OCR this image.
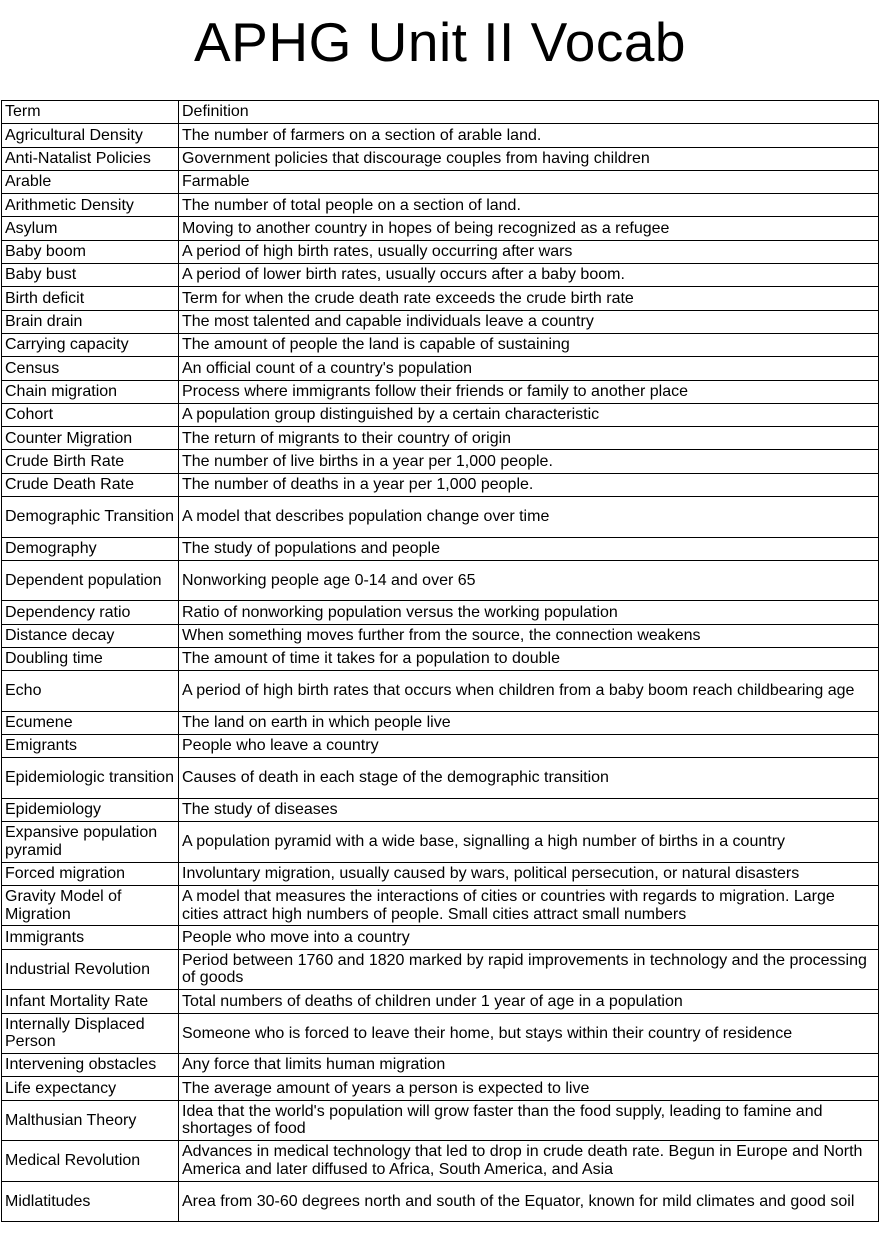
APHG Unit II Vocab
Term	Definition
Agricultural Density	The number of farmers on a section of arable land.
Anti-Natalist Policies	Government policies that discourage couples from having children
Arable	Farmable
Arithmetic Density	The number of total people on a section of land.
Asylum	Moving to another country in hopes of being recognized as a refugee
Baby boom	A period of high birth rates, usually occurring after wars
Baby bust	A period of lower birth rates, usually occurs after a baby boom.
Birth deficit	Term for when the crude death rate exceeds the crude birth rate
Brain drain	The most talented and capable individuals leave a country
Carrying capacity	The amount of people the land is capable of sustaining
Census	An official count of a country's population
Chain migration	Process where immigrants follow their friends or family to another place
Cohort	A population group distinguished by a certain characteristic
Counter Migration	The return of migrants to their country of origin
Crude Birth Rate	The number of live births in a year per 1,000 people.
Crude Death Rate	The number of deaths in a year per 1,000 people.
Demographic Transition	A model that describes population change over time
Demography	The study of populations and people
Dependent population	Nonworking people age 0-14 and over 65
Dependency ratio	Ratio of nonworking population versus the working population
Distance decay	When something moves further from the source, the connection weakens
Doubling time	The amount of time it takes for a population to double
Echo	A period of high birth rates that occurs when children from a baby boom reach childbearing age
Ecumene	The land on earth in which people live
Emigrants	People who leave a country
Epidemiologic transition	Causes of death in each stage of the demographic transition
Epidemiology	The study of diseases
Expansive population pyramid	A population pyramid with a wide base, signalling a high number of births in a country
Forced migration	Involuntary migration, usually caused by wars, political persecution, or natural disasters
Gravity Model of Migration	A model that measures the interactions of cities or countries with regards to migration. Large cities attract high numbers of people. Small cities attract small numbers
Immigrants	People who move into a country
Industrial Revolution	Period between 1760 and 1820 marked by rapid improvements in technology and the processing of goods
Infant Mortality Rate	Total numbers of deaths of children under 1 year of age in a population
Internally Displaced Person	Someone who is forced to leave their home, but stays within their country of residence
Intervening obstacles	Any force that limits human migration
Life expectancy	The average amount of years a person is expected to live
Malthusian Theory	Idea that the world's population will grow faster than the food supply, leading to famine and shortages of food
Medical Revolution	Advances in medical technology that led to drop in crude death rate. Begun in Europe and North America and later diffused to Africa, South America, and Asia
Midlatitudes	Area from 30-60 degrees north and south of the Equator, known for mild climates and good soil
